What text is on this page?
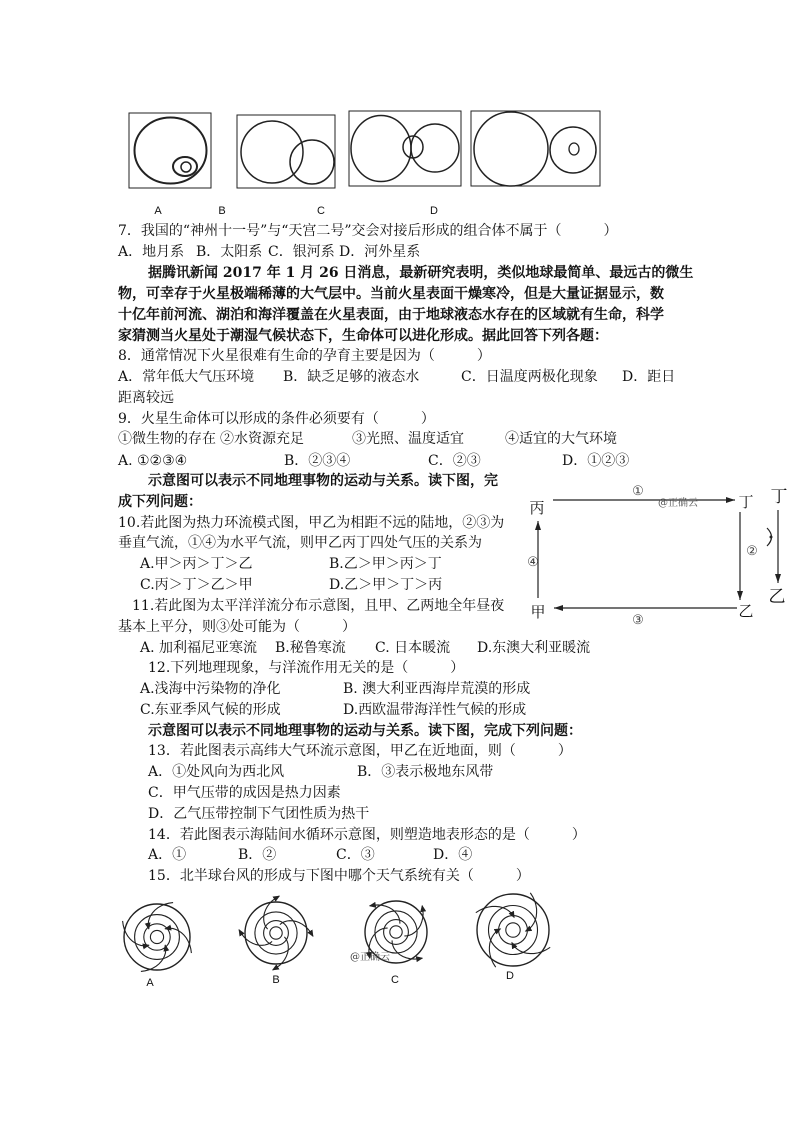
A	B	C	D
丙	丁
甲	乙
①
②
③
④
@正确云	丁
乙
A	B	C	D
@正确云
7．我国的“神州十一号”与“天宫二号”交会对接后形成的组合体不属于（　　　）
A．地月系 B．太阳系 C．银河系 D．河外星系
据腾讯新闻 2017 年 1 月 26 日消息，最新研究表明，类似地球最简单、最远古的微生
物，可幸存于火星极端稀薄的大气层中。当前火星表面干燥寒冷，但是大量证据显示，数
十亿年前河流、湖泊和海洋覆盖在火星表面，由于地球液态水存在的区域就有生命，科学
家猜测当火星处于潮湿气候状态下，生命体可以进化形成。据此回答下列各题：
8．通常情况下火星很难有生命的孕育主要是因为（　　　）
A．常年低大气压环境 B．缺乏足够的液态水	C．日温度两极化现象 D．距日距离较远
9．火星生命体可以形成的条件必须要有（　　　）
①微生物的存在 ②水资源充足	③光照、温度适宜	④适宜的大气环境
A. ①②③④	B．②③④	C．②③	D．①②③
示意图可以表示不同地理事物的运动与关系。读下图，完
成下列问题：
10.若此图为热力环流模式图，甲乙为相距不远的陆地，②③为
垂直气流，①④为水平气流，则甲乙丙丁四处气压的关系为
A.甲＞丙＞丁＞乙	B.乙＞甲＞丙＞丁
C.丙＞丁＞乙＞甲	D.乙＞甲＞丁＞丙
11.若此图为太平洋洋流分布示意图，且甲、乙两地全年昼夜
基本上平分，则③处可能为（　　　）
A. 加利福尼亚寒流 B.秘鲁寒流 C. 日本暖流 D.东澳大利亚暖流
12.下列地理现象，与洋流作用无关的是（　　　）
A.浅海中污染物的净化	B. 澳大利亚西海岸荒漠的形成
C.东亚季风气候的形成	D.西欧温带海洋性气候的形成
示意图可以表示不同地理事物的运动与关系。读下图，完成下列问题：
13．若此图表示高纬大气环流示意图，甲乙在近地面，则（　　　）
A．①处风向为西北风	B．③表示极地东风带
C．甲气压带的成因是热力因素
D．乙气压带控制下气团性质为热干
14．若此图表示海陆间水循环示意图，则塑造地表形态的是（　　　）
A．①	B．②	C．③	D．④
15．北半球台风的形成与下图中哪个天气系统有关（　　　）
